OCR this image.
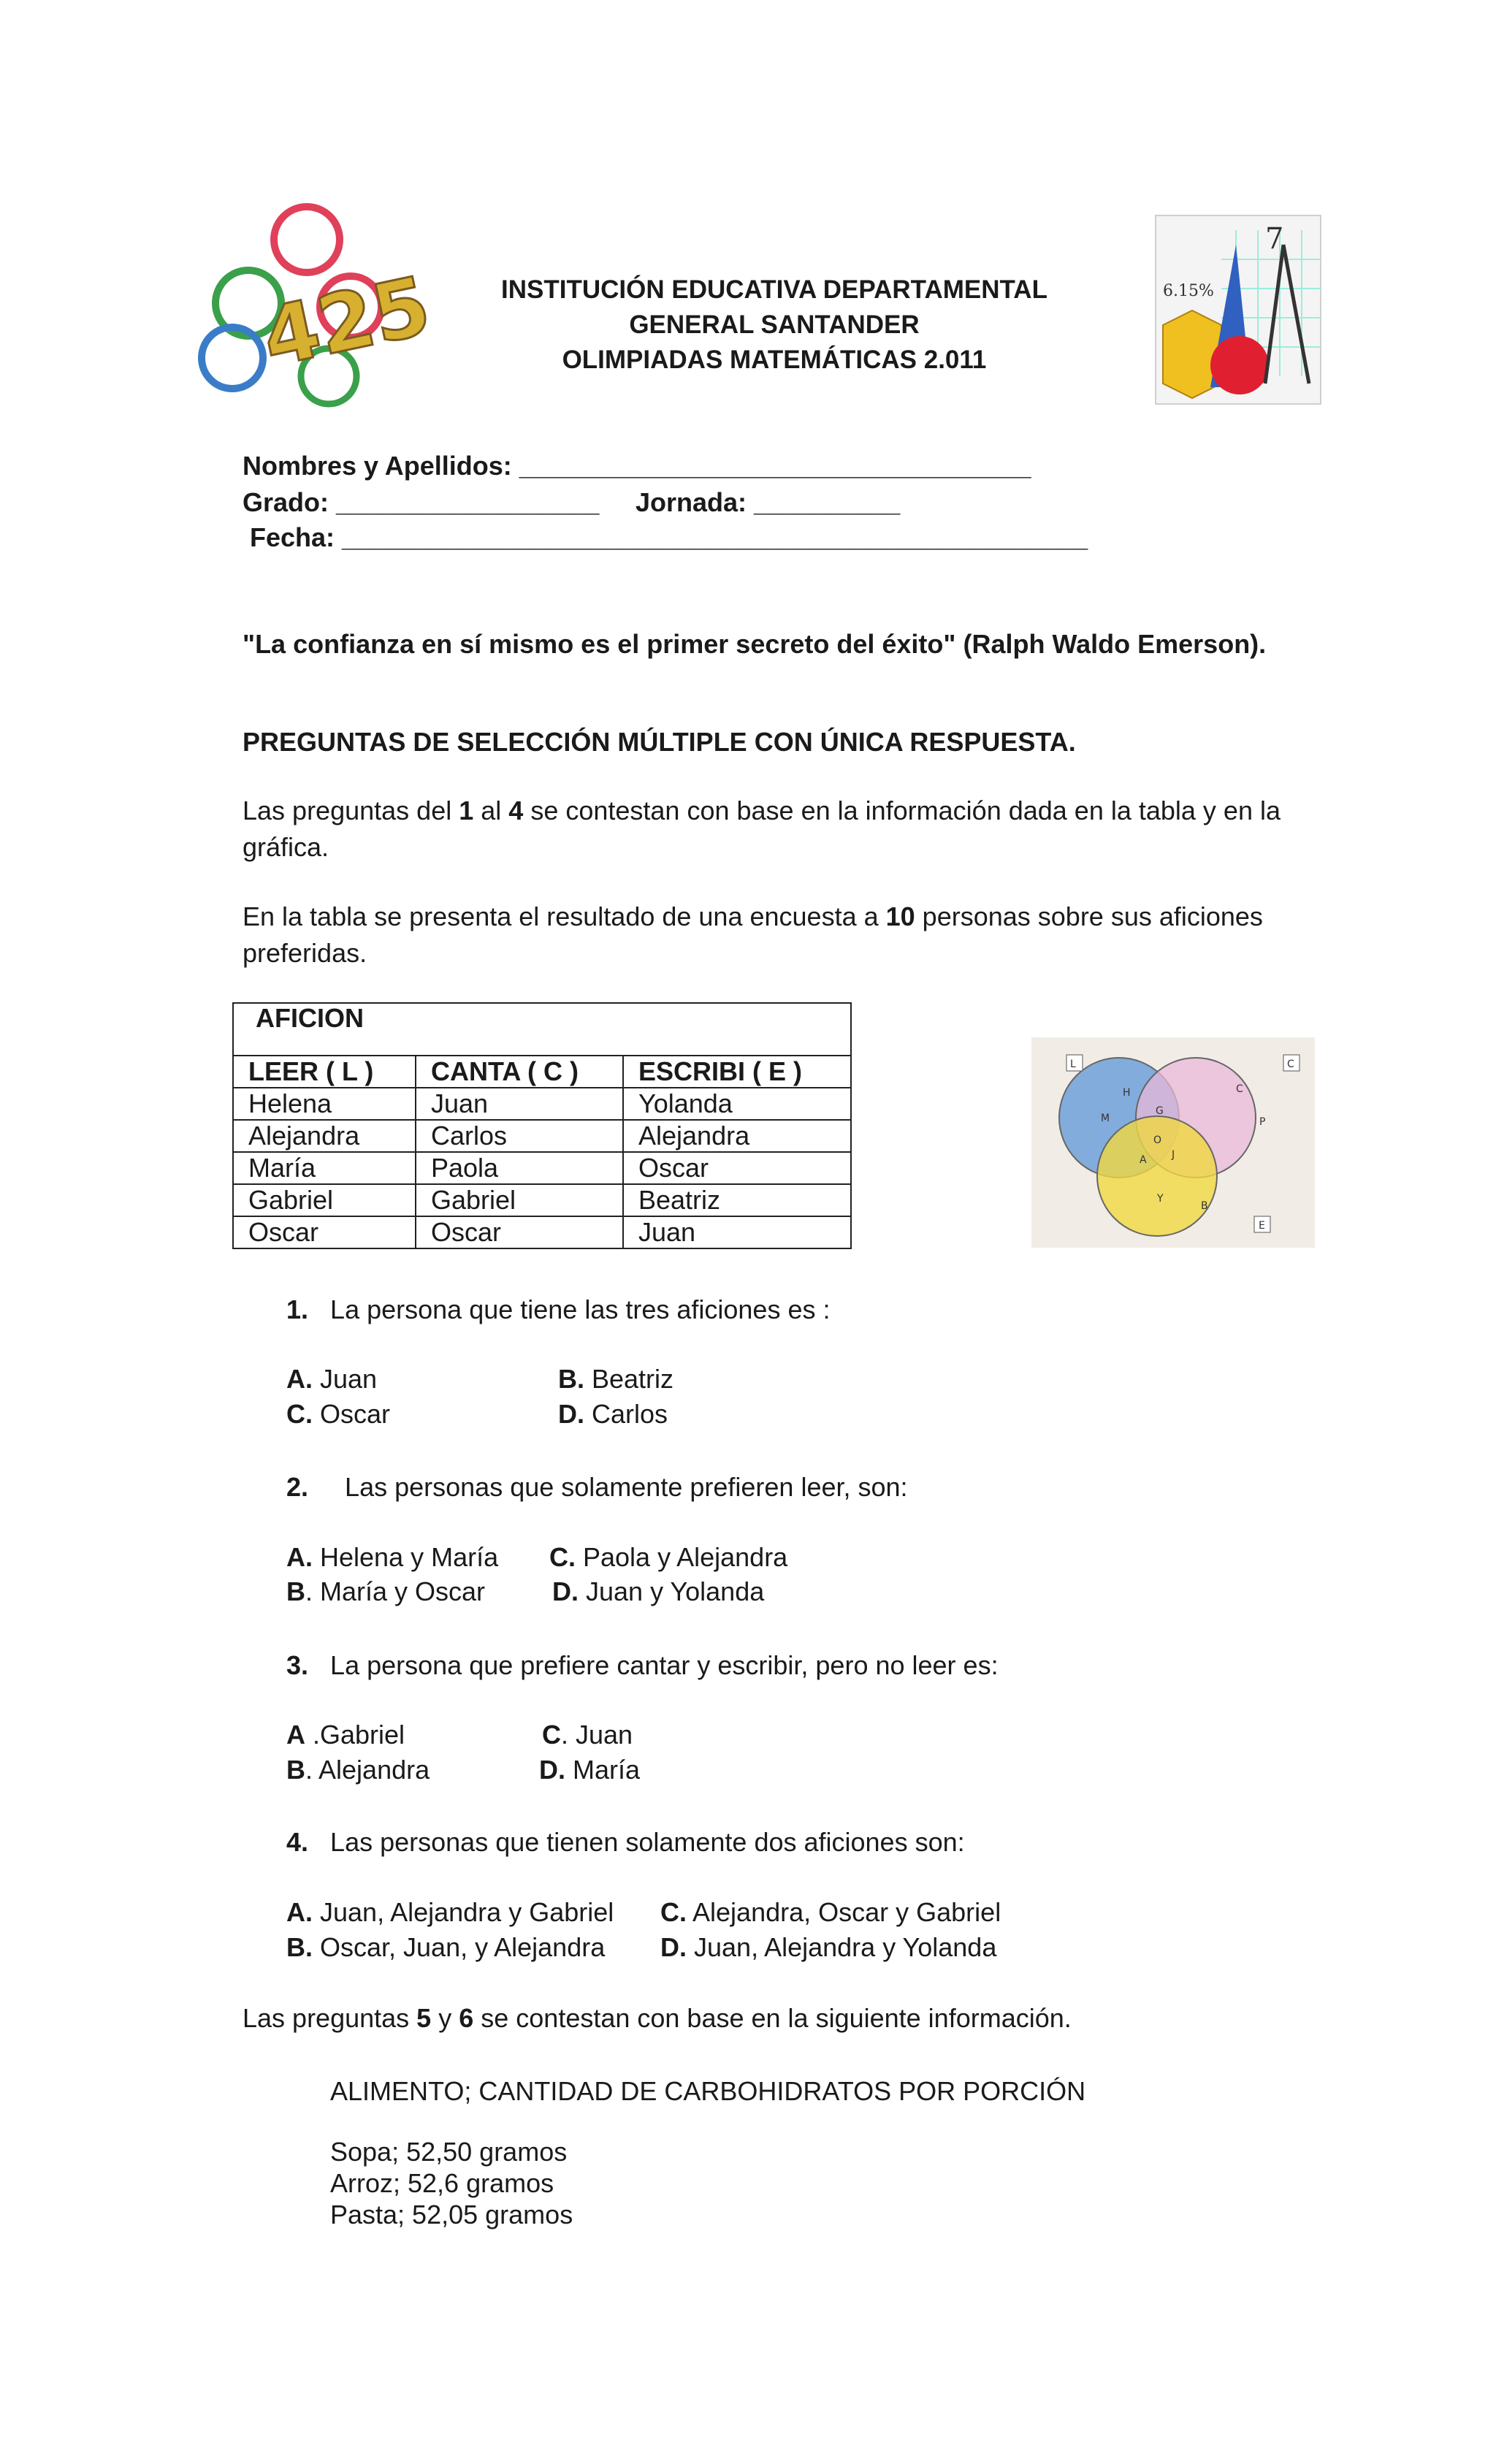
425	INSTITUCIÓN EDUCATIVA DEPARTAMENTAL
GENERAL SANTANDER
OLIMPIADAS MATEMÁTICAS 2.011
6.15%
7
Nombres y Apellidos: ___________________________________
Grado: __________________ Jornada: __________
Fecha: ___________________________________________________
"La confianza en sí mismo es el primer secreto del éxito" (Ralph Waldo Emerson).
PREGUNTAS DE SELECCIÓN MÚLTIPLE CON ÚNICA RESPUESTA.
Las preguntas del 1 al 4 se contestan con base en la información dada en la tabla y en la gráfica.
En la tabla se presenta el resultado de una encuesta a 10 personas sobre sus aficiones preferidas.
AFICION		
LEER ( L )	CANTA ( C )	ESCRIBI ( E )
Helena	Juan	Yolanda
Alejandra	Carlos	Alejandra
María	Paola	Oscar
Gabriel	Gabriel	Beatriz
Oscar	Oscar	Juan
L	C
E
H
M
G
O
A J
C
P
Y
B
1. La persona que tiene las tres aficiones es :
A. Juan	B. Beatriz
C. Oscar	D. Carlos
2. Las personas que solamente prefieren leer, son:
A. Helena y María C. Paola y Alejandra
B. María y Oscar	D. Juan y Yolanda
3. La persona que prefiere cantar y escribir, pero no leer es:
A .Gabriel	C. Juan
B. Alejandra	D. María
4. Las personas que tienen solamente dos aficiones son:
A. Juan, Alejandra y Gabriel C. Alejandra, Oscar y Gabriel
B. Oscar, Juan, y Alejandra D. Juan, Alejandra y Yolanda
Las preguntas 5 y 6 se contestan con base en la siguiente información.
ALIMENTO; CANTIDAD DE CARBOHIDRATOS POR PORCIÓN
Sopa; 52,50 gramos
Arroz; 52,6 gramos
Pasta; 52,05 gramos
